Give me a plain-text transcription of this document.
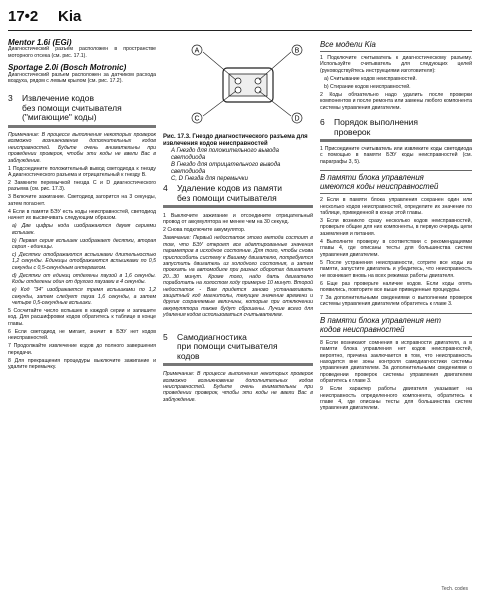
17•2 Kia
Mentor 1.6i (EGi)

Диагностический разъем расположен в пространстве моторного отсека (см. рис. 17.1).

Sportage 2.0i (Bosch Motronic)

Диагностический разъем расположен за датчиком расхода воздуха, рядом с левым крылом (см. рис. 17.2).

3	Извлечение кодов
без помощи считывателя
("мигающие" коды)

Примечание: В процессе выполнения некоторых проверок возможно возникновение дополнительных кодов неисправностей. Будьте очень внимательны при проведении проверок, чтобы эти коды не ввели Вас в заблуждение.

1 Подсоедините положительный вывод светодиода к гнезду A диагностического разъема и отрицательный к гнезду B.

2 Замкните перемычкой гнезда C и D диагностического разъема (см. рис. 17.3).

3 Включите зажигание. Светодиод загорится на 3 секунды, затем погаснет.

4 Если в памяти БЭУ есть коды неисправностей, светодиод начнет их высвечивать следующим образом.

a) Две цифры кода изображаются двумя сериями вспышек.

b) Первая серия вспышек изображает десятки, вторая серия - единицы.

c) Десятки отображаются вспышками длительностью 1,2 секунды. Единицы отображаются вспышками по 0,5 секунды с 0,5-секундным интервалом.

d) Десятки от единиц отделены паузой в 1,6 секунды. Коды отделены один от другого паузами в 4 секунды.

e) Код "34" изображается тремя вспышками по 1,2 секунды, затем следует пауза 1,6 секунды, а затем четыре 0,5-секундные вспышки.

5 Сосчитайте число вспышек в каждой серии и запишите код. Для расшифровки кодов обратитесь к таблице в конце главы.

6 Если светодиод не мигает, значит в БЭУ нет кодов неисправностей.

7 Продолжайте извлечение кодов до полного завершения передачи.

8 Для прекращения процедуры выключите зажигание и удалите перемычку.

A	B
C	D
Рис. 17.3. Гнездо диагностического разъема для извлечения кодов неисправностей
A Гнездо для положительного вывода светодиода
B Гнездо для отрицательного вывода светодиода
C, D Гнезда для перемычки
4	Удаление кодов из памяти
без помощи считывателя

1 Выключите зажигание и отсоедините отрицательный провод от аккумулятора не менее чем на 30 секунд.

2 Снова подключите аккумулятор.

Замечание: Первый недостаток этого метода состоит в том, что БЭУ откроет все адаптированные значения параметров в исходное состояние. Для того, чтобы снова приспособить систему к Вашему двигателю, потребуется запустить двигатель из холодного состояния, а затем проехать на автомобиле при разных оборотах двигателя 20...30 минут. Кроме того, надо дать двигателю поработать на холостом ходу примерно 10 минут. Второй недостаток - Вам придется заново устанавливать защитный код магнитолы, текущее значение времени и другие сохраняемые величины, которые при отключении аккумулятора также будут сброшены. Лучше всего для удаления кодов использоваться считывателем.

5	Самодиагностика
при помощи считывателя
кодов

Примечание: В процессе выполнения некоторых проверок возможно возникновение дополнительных кодов неисправностей. Будьте очень внимательны при проведении проверок, чтобы эти коды не ввели Вас в заблуждение.

Все модели Kia

1 Подключите считыватель к диагностическому разъему. Используйте считыватель для следующих целей (руководствуйтесь инструкциями изготовителя):

a) Считывание кодов неисправностей.

b) Стирание кодов неисправностей.

2 Коды обязательно надо удалить после проверки компонентов и после ремонта или замены любого компонента системы управления двигателем.

6	Порядок выполнения
проверок

1 Присоедините считыватель или извлеките коды светодиода с помощью в памяти БЭУ коды неисправностей (см. параграфы 3, 5).

В памяти блока управления
имеются коды неисправностей

2 Если в памяти блока управления сохранен один или несколько кодов неисправностей, определите их значение по таблице, приведенной в конце этой главы.

3 Если возникло сразу несколько кодов неисправностей, проверьте общие для них компоненты, в первую очередь цепи заземления и питания.

4 Выполните проверку в соответствии с рекомендациями главы 4, где описаны тесты для большинства систем управления двигателем.

5 После устранения неисправности, сотрите все коды из памяти, запустите двигатель и убедитесь, что неисправность не возникает вновь на всех режимах работы двигателя.

6 Еще раз проверьте наличие кодов. Если коды опять появились, повторите все выше приведенные процедуры.

7 За дополнительными сведениями о выполнении проверок системы управления двигателем обратитесь к главе 3.

В памяти блока управления нет
кодов неисправностей

8 Если возникают сомнения в исправности двигателя, а в памяти блока управления нет кодов неисправностей, вероятно, причина заключается в том, что неисправность находится вне зоны контроля самодиагностики системы управления двигателем. За дополнительными сведениями о проведении проверок системы управления двигателем обратитесь к главе 3.

9 Если характер работы двигателя указывает на неисправность определенного компонента, обратитесь к главе 4, где описаны тесты для большинства систем управления двигателем.

Tech. codes
